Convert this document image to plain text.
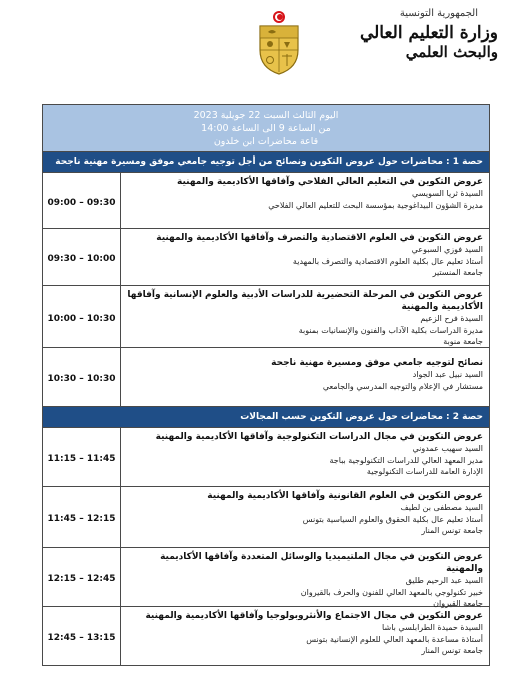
الجمهورية التونسية
وزارة التعليم العالي
والبحث العلمي
اليوم الثالث السبت 22 جويلية 2023
من الساعة 9 الى الساعة 14:00
قاعة محاضرات ابن خلدون
حصة 1 : محاضرات حول عروض التكوين ونصائح من أجل توجيه جامعي موفق ومسيرة مهنية ناجحة
09:00 – 09:30
عروض التكوين في التعليم العالي الفلاحي وآفاقها الأكاديمية والمهنية
السيدة ثريا السويسي
مديرة الشؤون البيداغوجية بمؤسسة البحث للتعليم العالي الفلاحي
09:30 – 10:00
عروض التكوين في العلوم الاقتصادية والتصرف وآفاقها الأكاديمية والمهنية
السيد فوزي السبوعي
أستاذ تعليم عال بكلية العلوم الاقتصادية والتصرف بالمهدية
جامعة المنستير
10:00 – 10:30
عروض التكوين في المرحلة التحضيرية للدراسات الأدبية والعلوم الإنسانية وآفاقها الأكاديمية والمهنية
السيدة فرح الزعيم
مديرة الدراسات بكلية الآداب والفنون والإنسانيات بمنوبة
جامعة منوبة
10:30 – 10:30
نصائح لتوجيه جامعي موفق ومسيرة مهنية ناجحة
السيد نبيل عبد الجواد
مستشار في الإعلام والتوجيه المدرسي والجامعي
حصة 2 : محاضرات حول عروض التكوين حسب المجالات
11:15 – 11:45
عروض التكوين في مجال الدراسات التكنولوجية وآفاقها الأكاديمية والمهنية
السيد سهيب عمدوني
مدير المعهد العالي للدراسات التكنولوجية بباجة
الإدارة العامة للدراسات التكنولوجية
11:45 – 12:15
عروض التكوين في العلوم القانونية وآفاقها الأكاديمية والمهنية
السيد مصطفى بن لطيف
أستاذ تعليم عال بكلية الحقوق والعلوم السياسية بتونس
جامعة تونس المنار
12:15 – 12:45
عروض التكوين في مجال الملتيميديا والوسائل المتعددة وآفاقها الأكاديمية والمهنية
السيد عبد الرحيم طليق
خبير تكنولوجي بالمعهد العالي للفنون والحرف بالقيروان
جامعة القيروان
12:45 – 13:15
عروض التكوين في مجال الاجتماع والأنثروبولوجيا وآفاقها الأكاديمية والمهنية
السيدة حميدة الطرابلسي باشا
أستاذة مساعدة بالمعهد العالي للعلوم الإنسانية بتونس
جامعة تونس المنار
